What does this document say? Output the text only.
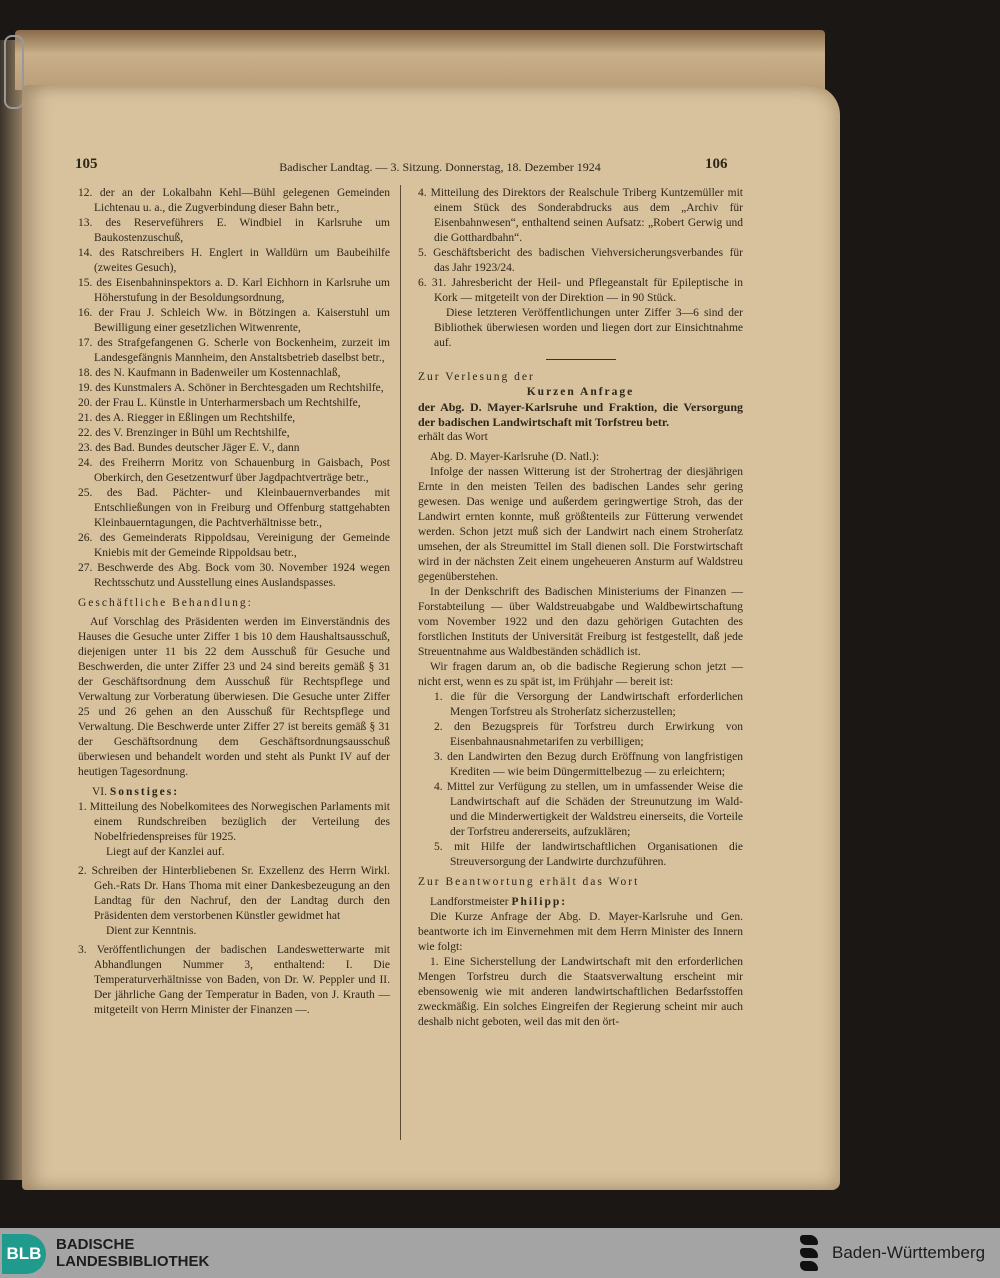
105	Badischer Landtag. — 3. Sitzung. Donnerstag, 18. Dezember 1924	106
12. der an der Lokalbahn Kehl—Bühl gelegenen Gemeinden Lichtenau u. a., die Zugverbindung dieser Bahn betr.,
13. des Reserveführers E. Windbiel in Karlsruhe um Baukostenzuschuß,
14. des Ratschreibers H. Englert in Walldürn um Baubeihilfe (zweites Gesuch),
15. des Eisenbahninspektors a. D. Karl Eichhorn in Karlsruhe um Höherstufung in der Besoldungsordnung,
16. der Frau J. Schleich Ww. in Bötzingen a. Kaiserstuhl um Bewilligung einer gesetzlichen Witwenrente,
17. des Strafgefangenen G. Scherle von Bockenheim, zurzeit im Landesgefängnis Mannheim, den Anstaltsbetrieb daselbst betr.,
18. des N. Kaufmann in Badenweiler um Kostennachlaß,
19. des Kunstmalers A. Schöner in Berchtesgaden um Rechtshilfe,
20. der Frau L. Künstle in Unterharmersbach um Rechtshilfe,
21. des A. Riegger in Eßlingen um Rechtshilfe,
22. des V. Brenzinger in Bühl um Rechtshilfe,
23. des Bad. Bundes deutscher Jäger E. V., dann
24. des Freiherrn Moritz von Schauenburg in Gaisbach, Post Oberkirch, den Gesetzentwurf über Jagdpachtverträge betr.,
25. des Bad. Pächter- und Kleinbauernverbandes mit Entschließungen von in Freiburg und Offenburg stattgehabten Kleinbauerntagungen, die Pachtverhältnisse betr.,
26. des Gemeinderats Rippoldsau, Vereinigung der Gemeinde Kniebis mit der Gemeinde Rippoldsau betr.,
27. Beschwerde des Abg. Bock vom 30. November 1924 wegen Rechtsschutz und Ausstellung eines Auslandspasses.
Geschäftliche Behandlung:
Auf Vorschlag des Präsidenten werden im Einverständnis des Hauses die Gesuche unter Ziffer 1 bis 10 dem Haushaltsausschuß, diejenigen unter 11 bis 22 dem Ausschuß für Gesuche und Beschwerden, die unter Ziffer 23 und 24 sind bereits gemäß § 31 der Geschäftsordnung dem Ausschuß für Rechtspflege und Verwaltung zur Vorberatung überwiesen. Die Gesuche unter Ziffer 25 und 26 gehen an den Ausschuß für Rechtspflege und Verwaltung. Die Beschwerde unter Ziffer 27 ist bereits gemäß § 31 der Geschäftsordnung dem Geschäftsordnungsausschuß überwiesen und behandelt worden und steht als Punkt IV auf der heutigen Tagesordnung.
VI. Sonstiges:
1. Mitteilung des Nobelkomitees des Norwegischen Parlaments mit einem Rundschreiben bezüglich der Verteilung des Nobelfriedenspreises für 1925.
Liegt auf der Kanzlei auf.
2. Schreiben der Hinterbliebenen Sr. Exzellenz des Herrn Wirkl. Geh.-Rats Dr. Hans Thoma mit einer Dankesbezeugung an den Landtag für den Nachruf, den der Landtag durch den Präsidenten dem verstorbenen Künstler gewidmet hat
Dient zur Kenntnis.
3. Veröffentlichungen der badischen Landeswetterwarte mit Abhandlungen Nummer 3, enthaltend: I. Die Temperaturverhältnisse von Baden, von Dr. W. Peppler und II. Der jährliche Gang der Temperatur in Baden, von J. Krauth — mitgeteilt von Herrn Minister der Finanzen —.
4. Mitteilung des Direktors der Realschule Triberg Kuntzemüller mit einem Stück des Sonderabdrucks aus dem „Archiv für Eisenbahnwesen“, enthaltend seinen Aufsatz: „Robert Gerwig und die Gotthardbahn“.
5. Geschäftsbericht des badischen Viehversicherungsverbandes für das Jahr 1923/24.
6. 31. Jahresbericht der Heil- und Pflegeanstalt für Epileptische in Kork — mitgeteilt von der Direktion — in 90 Stück.
Diese letzteren Veröffentlichungen unter Ziffer 3—6 sind der Bibliothek überwiesen worden und liegen dort zur Einsichtnahme auf.
Zur Verlesung der
Kurzen Anfrage
der Abg. D. Mayer-Karlsruhe und Fraktion, die Versorgung der badischen Landwirtschaft mit Torfstreu betr.
erhält das Wort
Abg. D. Mayer-Karlsruhe (D. Natl.):
Infolge der nassen Witterung ist der Strohertrag der diesjährigen Ernte in den meisten Teilen des badischen Landes sehr gering gewesen. Das wenige und außerdem geringwertige Stroh, das der Landwirt ernten konnte, muß größtenteils zur Fütterung verwendet werden. Schon jetzt muß sich der Landwirt nach einem Stroherſatz umsehen, der als Streumittel im Stall dienen soll. Die Forstwirtschaft wird in der nächsten Zeit einem ungeheueren Ansturm auf Waldstreu gegenüberstehen.
In der Denkschrift des Badischen Ministeriums der Finanzen — Forstabteilung — über Waldstreuabgabe und Waldbewirtschaftung vom November 1922 und den dazu gehörigen Gutachten des forstlichen Instituts der Universität Freiburg ist festgestellt, daß jede Streuentnahme aus Waldbeständen schädlich ist.
Wir fragen darum an, ob die badische Regierung schon jetzt — nicht erst, wenn es zu spät ist, im Frühjahr — bereit ist:
1. die für die Versorgung der Landwirtschaft erforderlichen Mengen Torfstreu als Stroherſatz sicherzustellen;
2. den Bezugspreis für Torfstreu durch Erwirkung von Eisenbahnausnahmetarifen zu verbilligen;
3. den Landwirten den Bezug durch Eröffnung von langfristigen Krediten — wie beim Düngermittelbezug — zu erleichtern;
4. Mittel zur Verfügung zu stellen, um in umfassender Weise die Landwirtschaft auf die Schäden der Streunutzung im Wald- und die Minderwertigkeit der Waldstreu einerseits, die Vorteile der Torfstreu andererseits, aufzuklären;
5. mit Hilfe der landwirtschaftlichen Organisationen die Streuversorgung der Landwirte durchzuführen.
Zur Beantwortung erhält das Wort
Landforstmeister Philipp:
Die Kurze Anfrage der Abg. D. Mayer-Karlsruhe und Gen. beantworte ich im Einvernehmen mit dem Herrn Minister des Innern wie folgt:
1. Eine Sicherstellung der Landwirtschaft mit den erforderlichen Mengen Torfstreu durch die Staatsverwaltung erscheint mir ebensowenig wie mit anderen landwirtschaftlichen Bedarfsstoffen zweckmäßig. Ein solches Eingreifen der Regierung scheint mir auch deshalb nicht geboten, weil das mit den ört-
BLB BADISCHE
LANDESBIBLIOTHEK	Baden-Württemberg
